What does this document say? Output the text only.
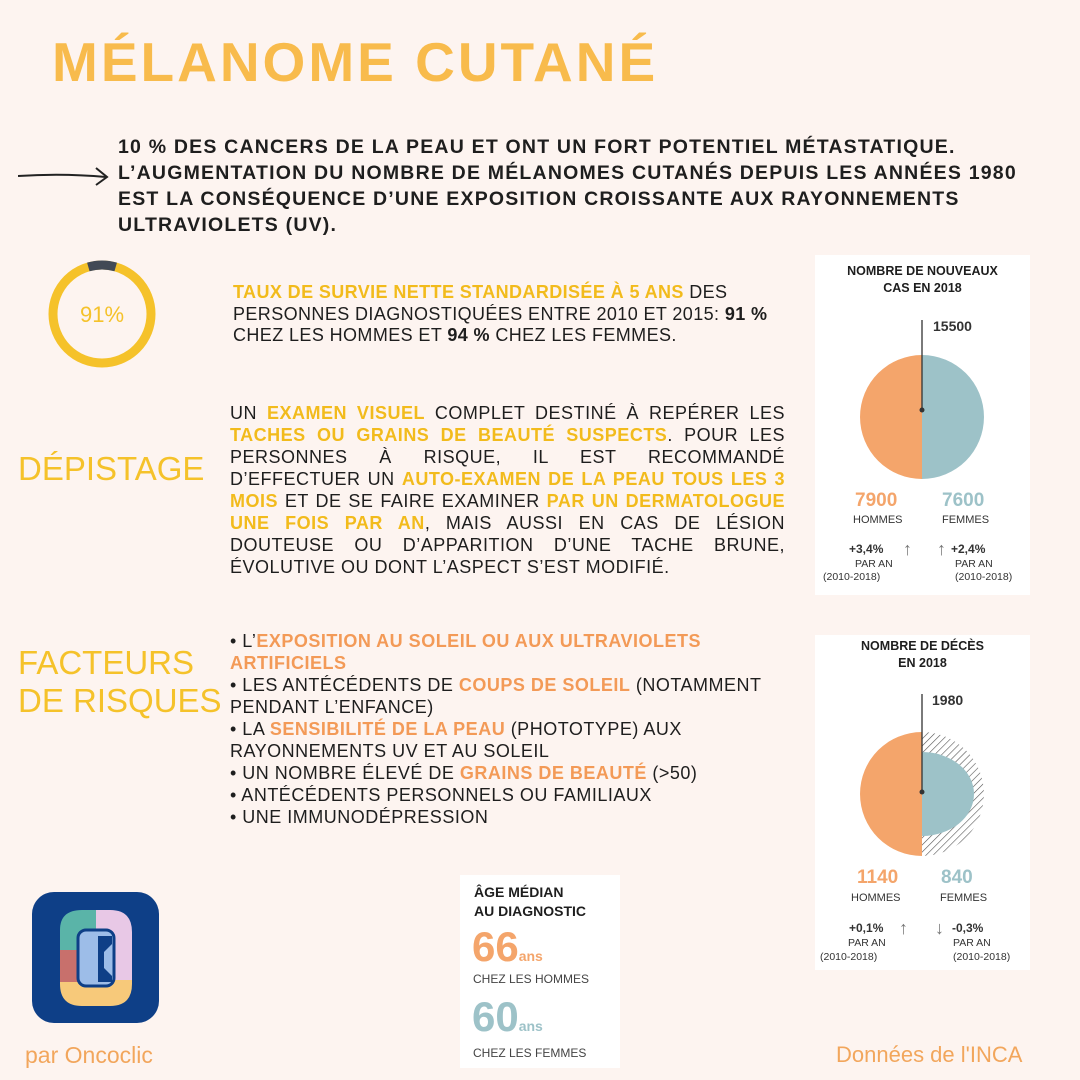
MÉLANOME CUTANÉ
10 % DES CANCERS DE LA PEAU ET ONT UN FORT POTENTIEL MÉTASTATIQUE. L’AUGMENTATION DU NOMBRE DE MÉLANOMES CUTANÉS DEPUIS LES ANNÉES 1980 EST LA CONSÉQUENCE D’UNE EXPOSITION CROISSANTE AUX RAYONNEMENTS ULTRAVIOLETS (UV).
91%
TAUX DE SURVIE NETTE STANDARDISÉE À 5 ANS DES PERSONNES DIAGNOSTIQUÉES ENTRE 2010 ET 2015: 91 % CHEZ LES HOMMES ET 94 % CHEZ LES FEMMES.
DÉPISTAGE
UN EXAMEN VISUEL COMPLET DESTINÉ À REPÉRER LES TACHES OU GRAINS DE BEAUTÉ SUSPECTS. POUR LES PERSONNES À RISQUE, IL EST RECOMMANDÉ D’EFFECTUER UN AUTO-EXAMEN DE LA PEAU TOUS LES 3 MOIS ET DE SE FAIRE EXAMINER PAR UN DERMATOLOGUE UNE FOIS PAR AN, MAIS AUSSI EN CAS DE LÉSION DOUTEUSE OU D’APPARITION D’UNE TACHE BRUNE, ÉVOLUTIVE OU DONT L’ASPECT S’EST MODIFIÉ.
FACTEURS
DE RISQUES
• L’EXPOSITION AU SOLEIL OU AUX ULTRAVIOLETS ARTIFICIELS
• LES ANTÉCÉDENTS DE COUPS DE SOLEIL (NOTAMMENT PENDANT L’ENFANCE)
• LA SENSIBILITÉ DE LA PEAU (PHOTOTYPE) AUX RAYONNEMENTS UV ET AU SOLEIL
• UN NOMBRE ÉLEVÉ DE GRAINS DE BEAUTÉ (>50)
• ANTÉCÉDENTS PERSONNELS OU FAMILIAUX
• UNE IMMUNODÉPRESSION
NOMBRE DE NOUVEAUX
CAS EN 2018
15500
7900 7600
HOMMES	FEMMES
+3,4%
PAR AN
(2010-2018)
↑ ↑ +2,4%
PAR AN
(2010-2018)
NOMBRE DE DÉCÈS
EN 2018
1980
1140 840
HOMMES	FEMMES
+0,1%
PAR AN
(2010-2018)
↑ ↓ -0,3%
PAR AN
(2010-2018)
ÂGE MÉDIAN
AU DIAGNOSTIC
66ans
CHEZ LES HOMMES
60ans
CHEZ LES FEMMES
par Oncoclic	Données de l'INCA
